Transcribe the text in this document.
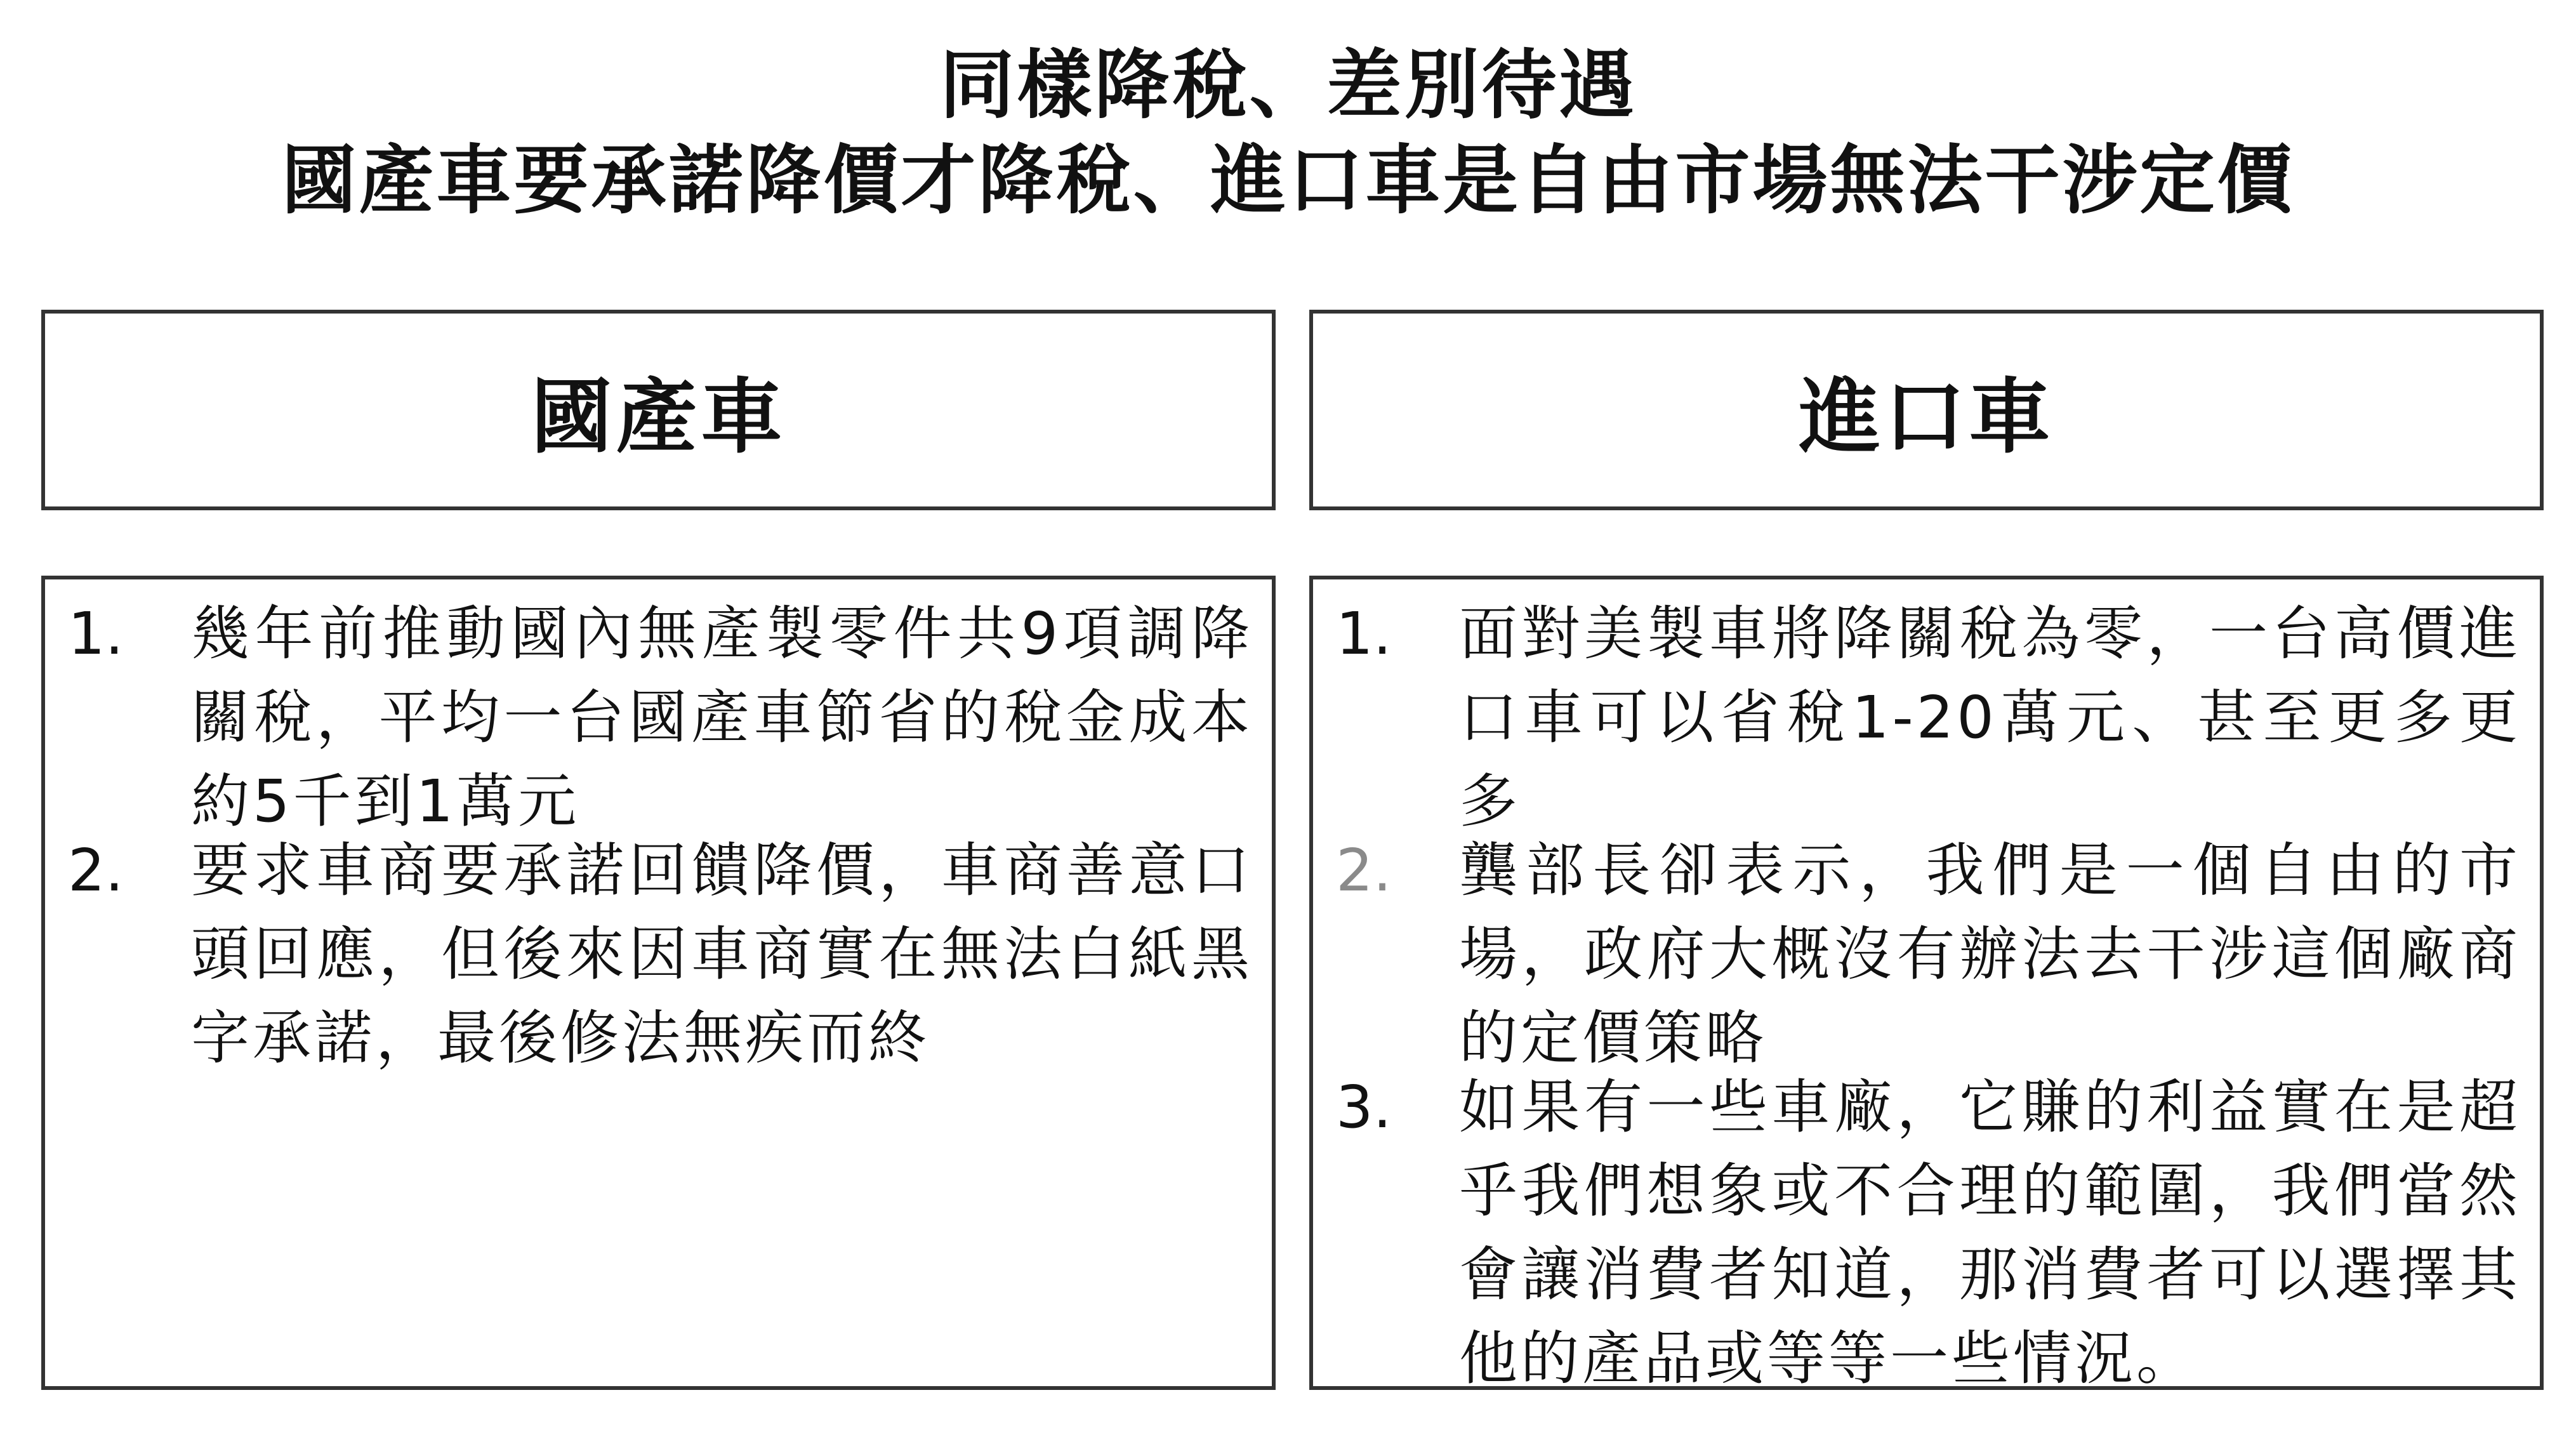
同樣降稅、差別待遇
國產車要承諾降價才降稅、進口車是自由市場無法干涉定價
國產車	進口車
1. 幾年前推動國內無產製零件共9項調降關稅，平均一台國產車節省的稅金成本約5千到1萬元

2. 要求車商要承諾回饋降價，車商善意口頭回應，但後來因車商實在無法白紙黑字承諾，最後修法無疾而終

1. 面對美製車將降關稅為零，一台高價進口車可以省稅1-20萬元、甚至更多更多

2. 龔部長卻表示，我們是一個自由的市場，政府大概沒有辦法去干涉這個廠商的定價策略

3. 如果有一些車廠，它賺的利益實在是超乎我們想象或不合理的範圍，我們當然會讓消費者知道，那消費者可以選擇其他的產品或等等一些情況。
